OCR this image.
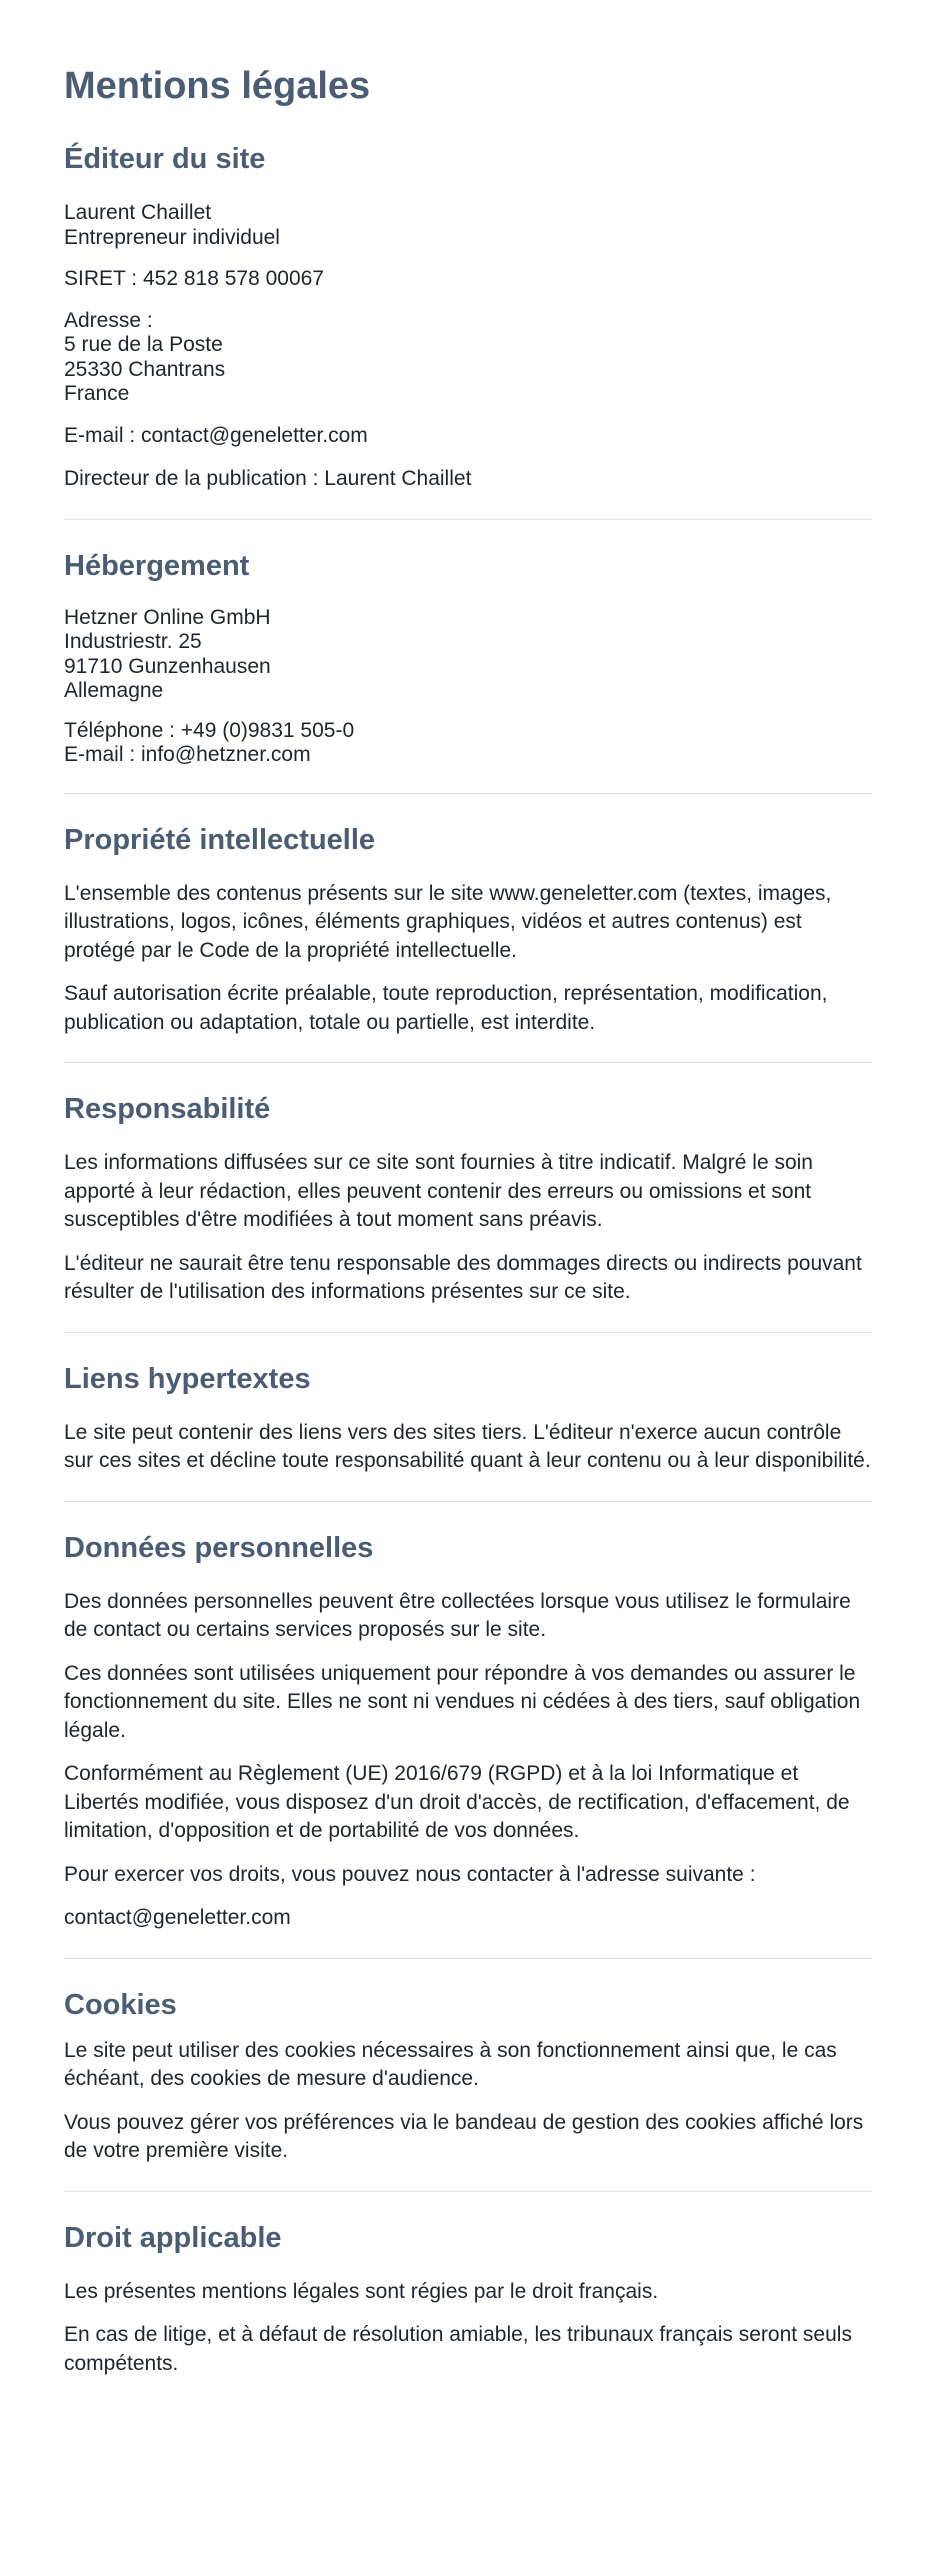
Mentions légales
Éditeur du site
Laurent Chaillet
Entrepreneur individuel

SIRET : 452 818 578 00067

Adresse :
5 rue de la Poste
25330 Chantrans
France

E-mail : contact@geneletter.com

Directeur de la publication : Laurent Chaillet

Hébergement
Hetzner Online GmbH
Industriestr. 25
91710 Gunzenhausen
Allemagne
Téléphone : +49 (0)9831 505-0
E-mail : info@hetzner.com
Propriété intellectuelle

L'ensemble des contenus présents sur le site www.geneletter.com (textes, images, illustrations, logos, icônes, éléments graphiques, vidéos et autres contenus) est protégé par le Code de la propriété intellectuelle.

Sauf autorisation écrite préalable, toute reproduction, représentation, modification, publication ou adaptation, totale ou partielle, est interdite.

Responsabilité

Les informations diffusées sur ce site sont fournies à titre indicatif. Malgré le soin apporté à leur rédaction, elles peuvent contenir des erreurs ou omissions et sont susceptibles d'être modifiées à tout moment sans préavis.

L'éditeur ne saurait être tenu responsable des dommages directs ou indirects pouvant résulter de l'utilisation des informations présentes sur ce site.

Liens hypertextes

Le site peut contenir des liens vers des sites tiers. L'éditeur n'exerce aucun contrôle sur ces sites et décline toute responsabilité quant à leur contenu ou à leur disponibilité.

Données personnelles

Des données personnelles peuvent être collectées lorsque vous utilisez le formulaire de contact ou certains services proposés sur le site.

Ces données sont utilisées uniquement pour répondre à vos demandes ou assurer le fonctionnement du site. Elles ne sont ni vendues ni cédées à des tiers, sauf obligation légale.

Conformément au Règlement (UE) 2016/679 (RGPD) et à la loi Informatique et Libertés modifiée, vous disposez d'un droit d'accès, de rectification, d'effacement, de limitation, d'opposition et de portabilité de vos données.

Pour exercer vos droits, vous pouvez nous contacter à l'adresse suivante :

contact@geneletter.com

Cookies

Le site peut utiliser des cookies nécessaires à son fonctionnement ainsi que, le cas échéant, des cookies de mesure d'audience.

Vous pouvez gérer vos préférences via le bandeau de gestion des cookies affiché lors de votre première visite.

Droit applicable

Les présentes mentions légales sont régies par le droit français.

En cas de litige, et à défaut de résolution amiable, les tribunaux français seront seuls compétents.
